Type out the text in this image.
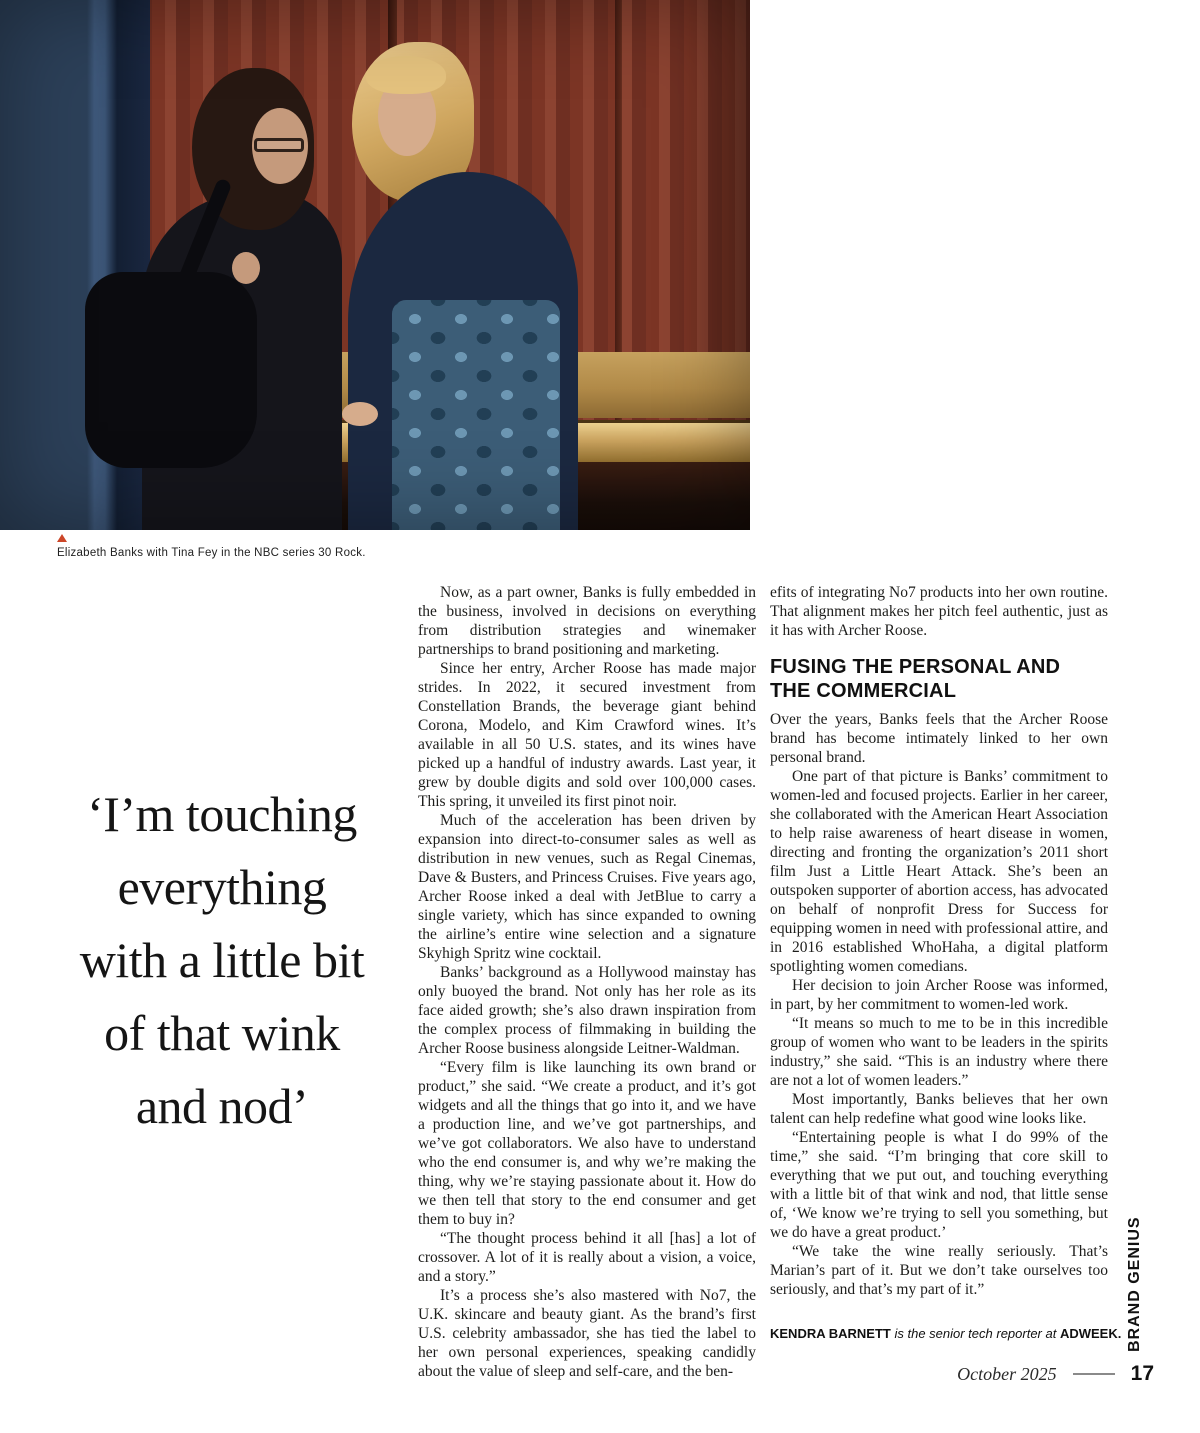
Elizabeth Banks with Tina Fey in the NBC series 30 Rock.
‘I’m touching
everything
with a little bit
of that wink
and nod’

Now, as a part owner, Banks is fully embedded in the business, involved in decisions on everything from distribution strategies and winemaker partnerships to brand positioning and marketing.

Since her entry, Archer Roose has made major strides. In 2022, it secured investment from Constellation Brands, the beverage giant behind Corona, Modelo, and Kim Crawford wines. It’s available in all 50 U.S. states, and its wines have picked up a handful of industry awards. Last year, it grew by double digits and sold over 100,000 cases. This spring, it unveiled its first pinot noir.

Much of the acceleration has been driven by expansion into direct-to-consumer sales as well as distribution in new venues, such as Regal Cinemas, Dave & Busters, and Princess Cruises. Five years ago, Archer Roose inked a deal with JetBlue to carry a single variety, which has since expanded to owning the airline’s entire wine selection and a signature Skyhigh Spritz wine cocktail.

Banks’ background as a Hollywood mainstay has only buoyed the brand. Not only has her role as its face aided growth; she’s also drawn inspiration from the complex process of filmmaking in building the Archer Roose business alongside Leitner-Waldman.

“Every film is like launching its own brand or product,” she said. “We create a product, and it’s got widgets and all the things that go into it, and we have a production line, and we’ve got partnerships, and we’ve got collaborators. We also have to understand who the end consumer is, and why we’re making the thing, why we’re staying passionate about it. How do we then tell that story to the end consumer and get them to buy in?

“The thought process behind it all [has] a lot of crossover. A lot of it is really about a vision, a voice, and a story.”

It’s a process she’s also mastered with No7, the U.K. skincare and beauty giant. As the brand’s first U.S. celebrity ambassador, she has tied the label to her own personal experiences, speaking candidly about the value of sleep and self-care, and the ben-

efits of integrating No7 products into her own routine. That alignment makes her pitch feel authentic, just as it has with Archer Roose.

FUSING THE PERSONAL AND
THE COMMERCIAL

Over the years, Banks feels that the Archer Roose brand has become intimately linked to her own personal brand.

One part of that picture is Banks’ commitment to women-led and focused projects. Earlier in her career, she collaborated with the American Heart Association to help raise awareness of heart disease in women, directing and fronting the organization’s 2011 short film Just a Little Heart Attack. She’s been an outspoken supporter of abortion access, has advocated on behalf of nonprofit Dress for Success for equipping women in need with professional attire, and in 2016 established WhoHaha, a digital platform spotlighting women comedians.

Her decision to join Archer Roose was informed, in part, by her commitment to women-led work.

“It means so much to me to be in this incredible group of women who want to be leaders in the spirits industry,” she said. “This is an industry where there are not a lot of women leaders.”

Most importantly, Banks believes that her own talent can help redefine what good wine looks like.

“Entertaining people is what I do 99% of the time,” she said. “I’m bringing that core skill to everything that we put out, and touching everything with a little bit of that wink and nod, that little sense of, ‘We know we’re trying to sell you something, but we do have a great product.’

“We take the wine really seriously. That’s Marian’s part of it. But we don’t take ourselves too seriously, and that’s my part of it.”

KENDRA BARNETT is the senior tech reporter at ADWEEK. BRAND GENIUS
October 2025	17
